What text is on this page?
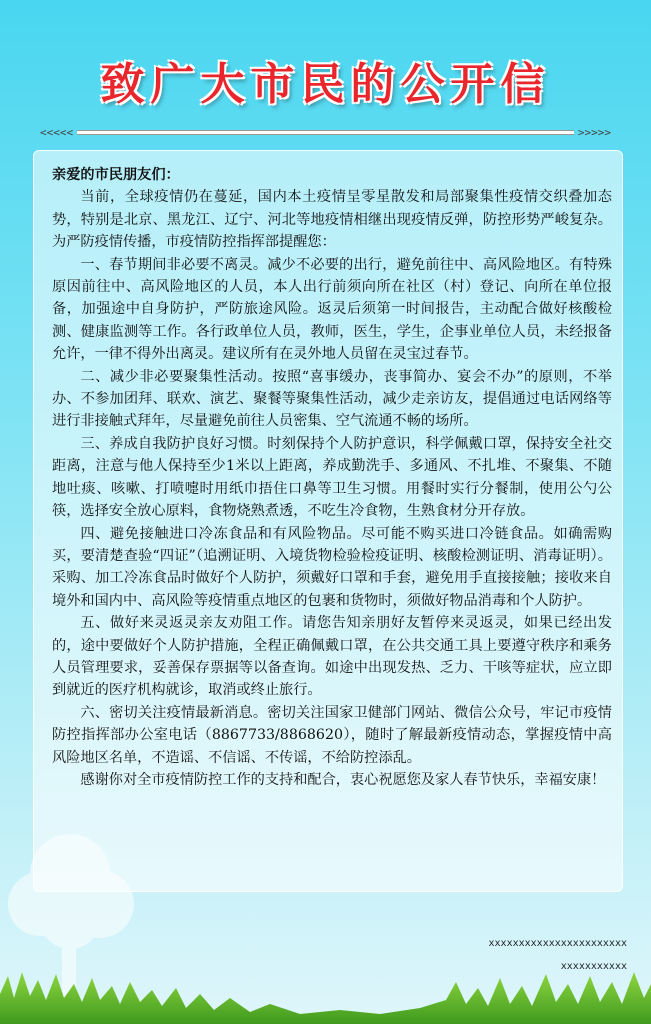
致广大市民的公开信
<<<<<	>>>>>

亲爱的市民朋友们：

当前，全球疫情仍在蔓延，国内本土疫情呈零星散发和局部聚集性疫情交织叠加态势，特别是北京、黑龙江、辽宁、河北等地疫情相继出现疫情反弹，防控形势严峻复杂。为严防疫情传播，市疫情防控指挥部提醒您：

一、春节期间非必要不离灵。减少不必要的出行，避免前往中、高风险地区。有特殊原因前往中、高风险地区的人员，本人出行前须向所在社区（村）登记、向所在单位报备，加强途中自身防护，严防旅途风险。返灵后须第一时间报告，主动配合做好核酸检测、健康监测等工作。各行政单位人员，教师，医生，学生，企事业单位人员，未经报备允许，一律不得外出离灵。建议所有在灵外地人员留在灵宝过春节。

二、减少非必要聚集性活动。按照“喜事缓办，丧事简办、宴会不办”的原则，不举办、不参加团拜、联欢、演艺、聚餐等聚集性活动，减少走亲访友，提倡通过电话网络等进行非接触式拜年，尽量避免前往人员密集、空气流通不畅的场所。

三、养成自我防护良好习惯。时刻保持个人防护意识，科学佩戴口罩，保持安全社交距离，注意与他人保持至少1米以上距离，养成勤洗手、多通风、不扎堆、不聚集、不随地吐痰、咳嗽、打喷嚏时用纸巾捂住口鼻等卫生习惯。用餐时实行分餐制，使用公勺公筷，选择安全放心原料，食物烧熟煮透，不吃生冷食物，生熟食材分开存放。

四、避免接触进口冷冻食品和有风险物品。尽可能不购买进口冷链食品。如确需购买，要清楚查验“四证”（追溯证明、入境货物检验检疫证明、核酸检测证明、消毒证明）。采购、加工冷冻食品时做好个人防护，须戴好口罩和手套，避免用手直接接触；接收来自境外和国内中、高风险等疫情重点地区的包裹和货物时，须做好物品消毒和个人防护。

五、做好来灵返灵亲友劝阻工作。请您告知亲朋好友暂停来灵返灵，如果已经出发的，途中要做好个人防护措施，全程正确佩戴口罩，在公共交通工具上要遵守秩序和乘务人员管理要求，妥善保存票据等以备查询。如途中出现发热、乏力、干咳等症状，应立即到就近的医疗机构就诊，取消或终止旅行。

六、密切关注疫情最新消息。密切关注国家卫健部门网站、微信公众号，牢记市疫情防控指挥部办公室电话（8867733/8868620），随时了解最新疫情动态，掌握疫情中高风险地区名单，不造谣、不信谣、不传谣，不给防控添乱。

感谢你对全市疫情防控工作的支持和配合，衷心祝愿您及家人春节快乐，幸福安康！

xxxxxxxxxxxxxxxxxxxxxxx
xxxxxxxxxxx
